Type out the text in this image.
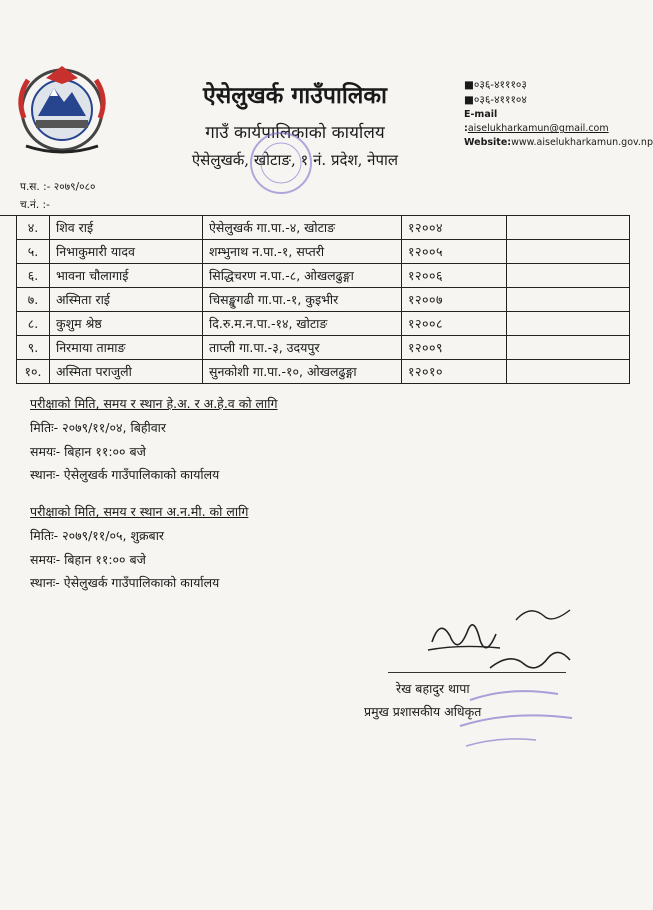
ऐसेलुखर्क गाउँपालिका
गाउँ कार्यपालिकाको कार्यालय
ऐसेलुखर्क, खोटाङ, १ नं. प्रदेश, नेपाल
■०३६-४१११०३
■०३६-४१११०४
E-mail :aiselukharkamun@gmail.com
Website:www.aiselukharkamun.gov.np
प.स. :- २०७९/०८०
च.नं. :-
४.	शिव राई	ऐसेलुखर्क गा.पा.-४, खोटाङ	१२००४	
५.	निभाकुमारी यादव	शम्भुनाथ न.पा.-१, सप्तरी	१२००५	
६.	भावना चौलागाई	सिद्धिचरण न.पा.-८, ओखलढुङ्गा	१२००६	
७.	अस्मिता राई	चिसङ्खुगढी गा.पा.-१, कुइभीर	१२००७	
८.	कुशुम श्रेष्ठ	दि.रु.म.न.पा.-१४, खोटाङ	१२००८	
९.	निरमाया तामाङ	ताप्ली गा.पा.-३, उदयपुर	१२००९	
१०.	अस्मिता पराजुली	सुनकोशी गा.पा.-१०, ओखलढुङ्गा	१२०१०	
परीक्षाको मिति, समय र स्थान हे.अ. र अ.हे.व को लागि
मितिः- २०७९/११/०४, बिहीवार
समयः- बिहान ११:०० बजे
स्थानः- ऐसेलुखर्क गाउँपालिकाको कार्यालय
परीक्षाको मिति, समय र स्थान अ.न.मी. को लागि
मितिः- २०७९/११/०५, शुक्रबार
समयः- बिहान ११:०० बजे
स्थानः- ऐसेलुखर्क गाउँपालिकाको कार्यालय
रेख बहादुर थापा
प्रमुख प्रशासकीय अधिकृत
